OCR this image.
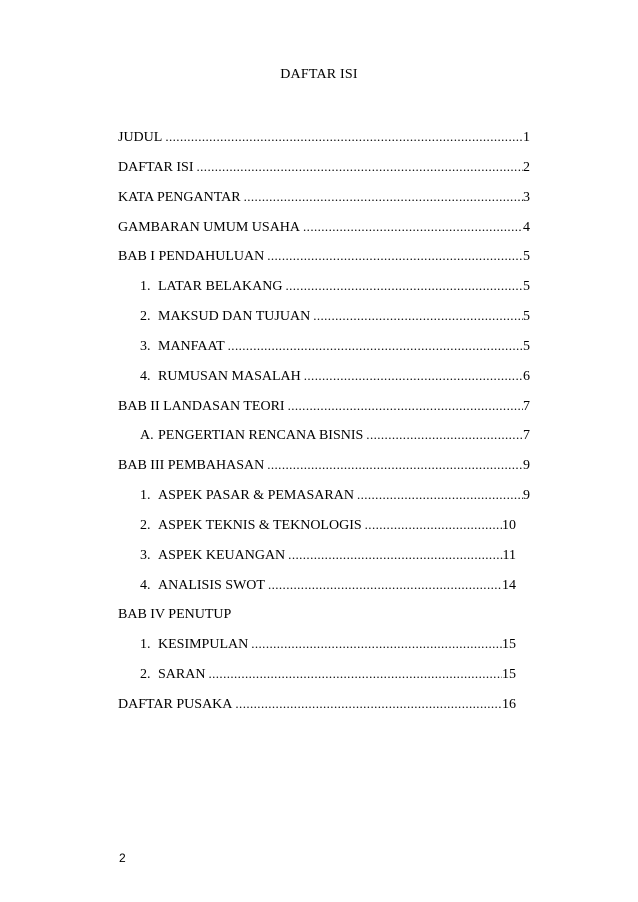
DAFTAR ISI
JUDUL .....	1
DAFTAR ISI .....	2
KATA PENGANTAR .....	3
GAMBARAN UMUM USAHA .....	4
BAB I PENDAHULUAN .....	5
1. LATAR BELAKANG .....	5
2. MAKSUD DAN TUJUAN .....	5
3. MANFAAT .....	5
4. RUMUSAN MASALAH .....	6
BAB II LANDASAN TEORI .....	7
A. PENGERTIAN RENCANA BISNIS .....	7
BAB III PEMBAHASAN .....	9
1. ASPEK PASAR & PEMASARAN .....	9
2. ASPEK TEKNIS & TEKNOLOGIS .....	10
3. ASPEK KEUANGAN .....	11
4. ANALISIS SWOT .....	14
BAB IV PENUTUP
1. KESIMPULAN .....	15
2. SARAN .....	15
DAFTAR PUSAKA .....	16
2
